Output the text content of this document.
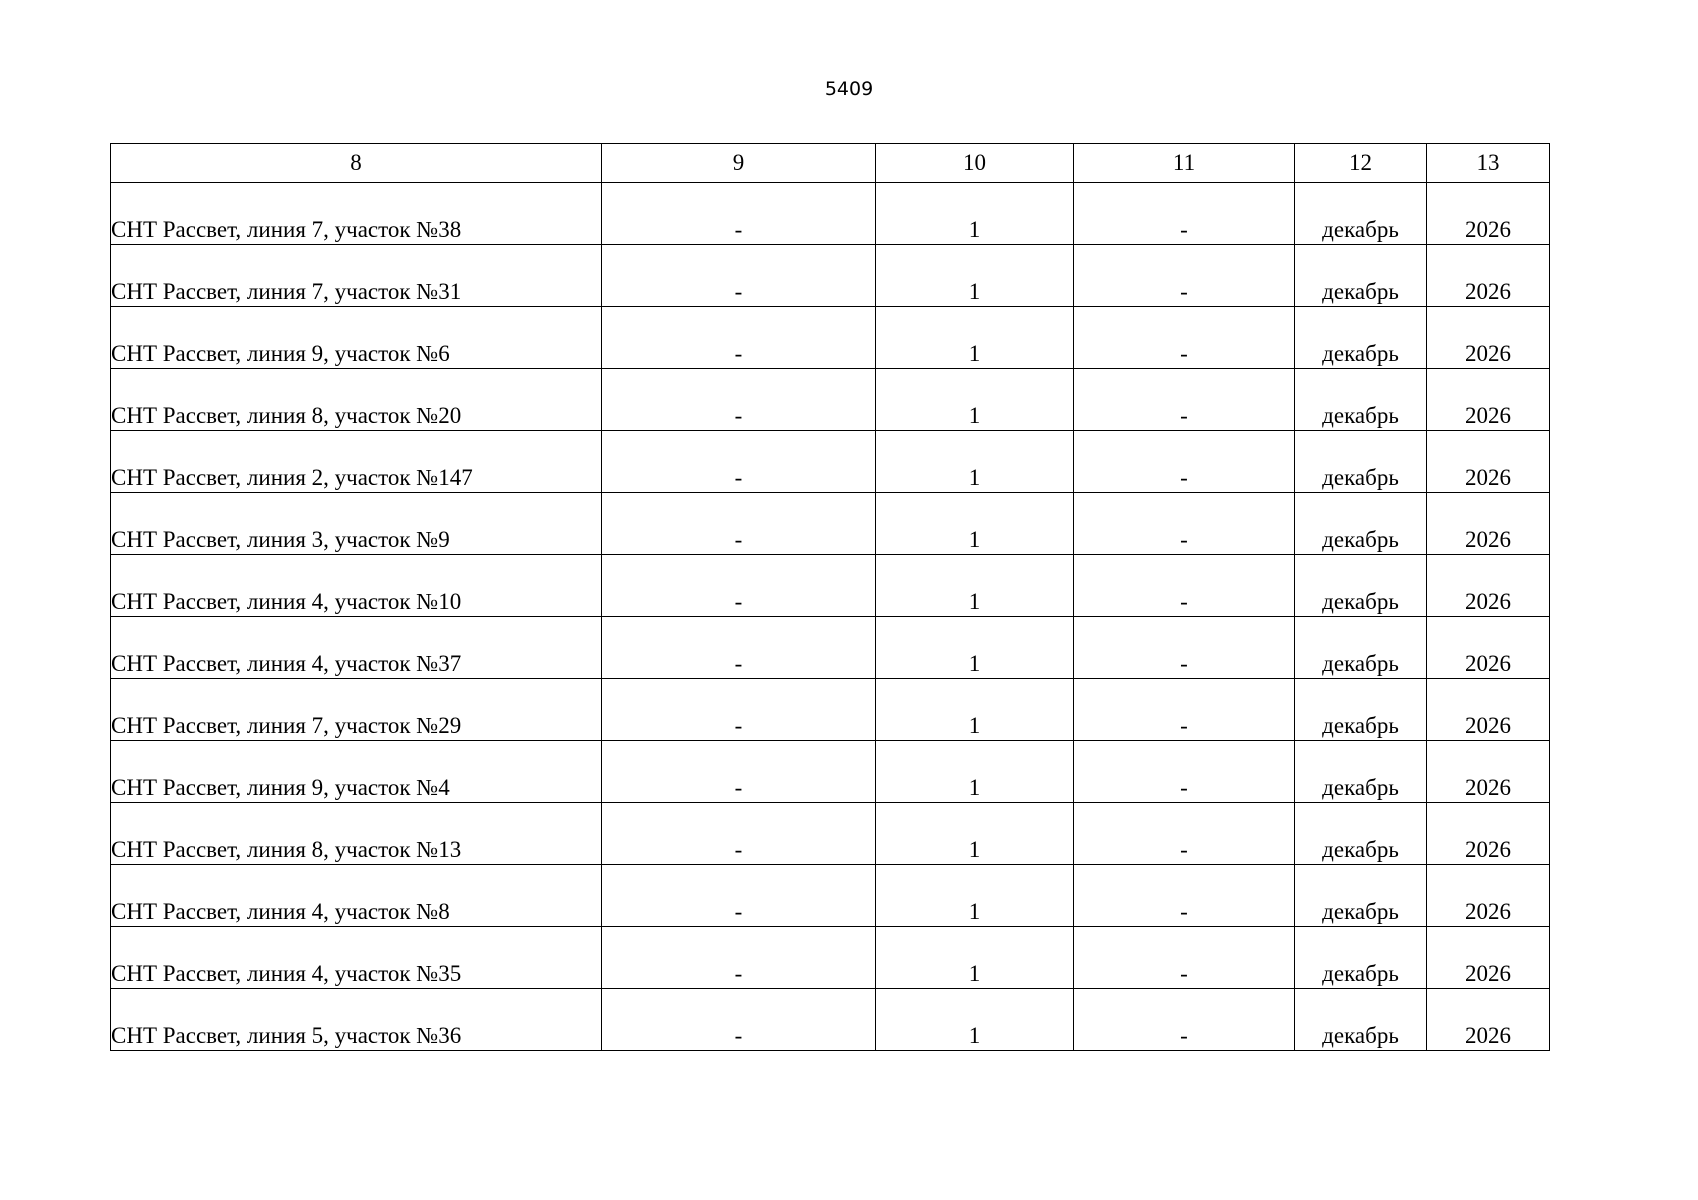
5409
8	9	10	11	12	13
СНТ Рассвет, линия 7, участок №38	-	1	-	декабрь	2026
СНТ Рассвет, линия 7, участок №31	-	1	-	декабрь	2026
СНТ Рассвет, линия 9, участок №6	-	1	-	декабрь	2026
СНТ Рассвет, линия 8, участок №20	-	1	-	декабрь	2026
СНТ Рассвет, линия 2, участок №147	-	1	-	декабрь	2026
СНТ Рассвет, линия 3, участок №9	-	1	-	декабрь	2026
СНТ Рассвет, линия 4, участок №10	-	1	-	декабрь	2026
СНТ Рассвет, линия 4, участок №37	-	1	-	декабрь	2026
СНТ Рассвет, линия 7, участок №29	-	1	-	декабрь	2026
СНТ Рассвет, линия 9, участок №4	-	1	-	декабрь	2026
СНТ Рассвет, линия 8, участок №13	-	1	-	декабрь	2026
СНТ Рассвет, линия 4, участок №8	-	1	-	декабрь	2026
СНТ Рассвет, линия 4, участок №35	-	1	-	декабрь	2026
СНТ Рассвет, линия 5, участок №36	-	1	-	декабрь	2026
